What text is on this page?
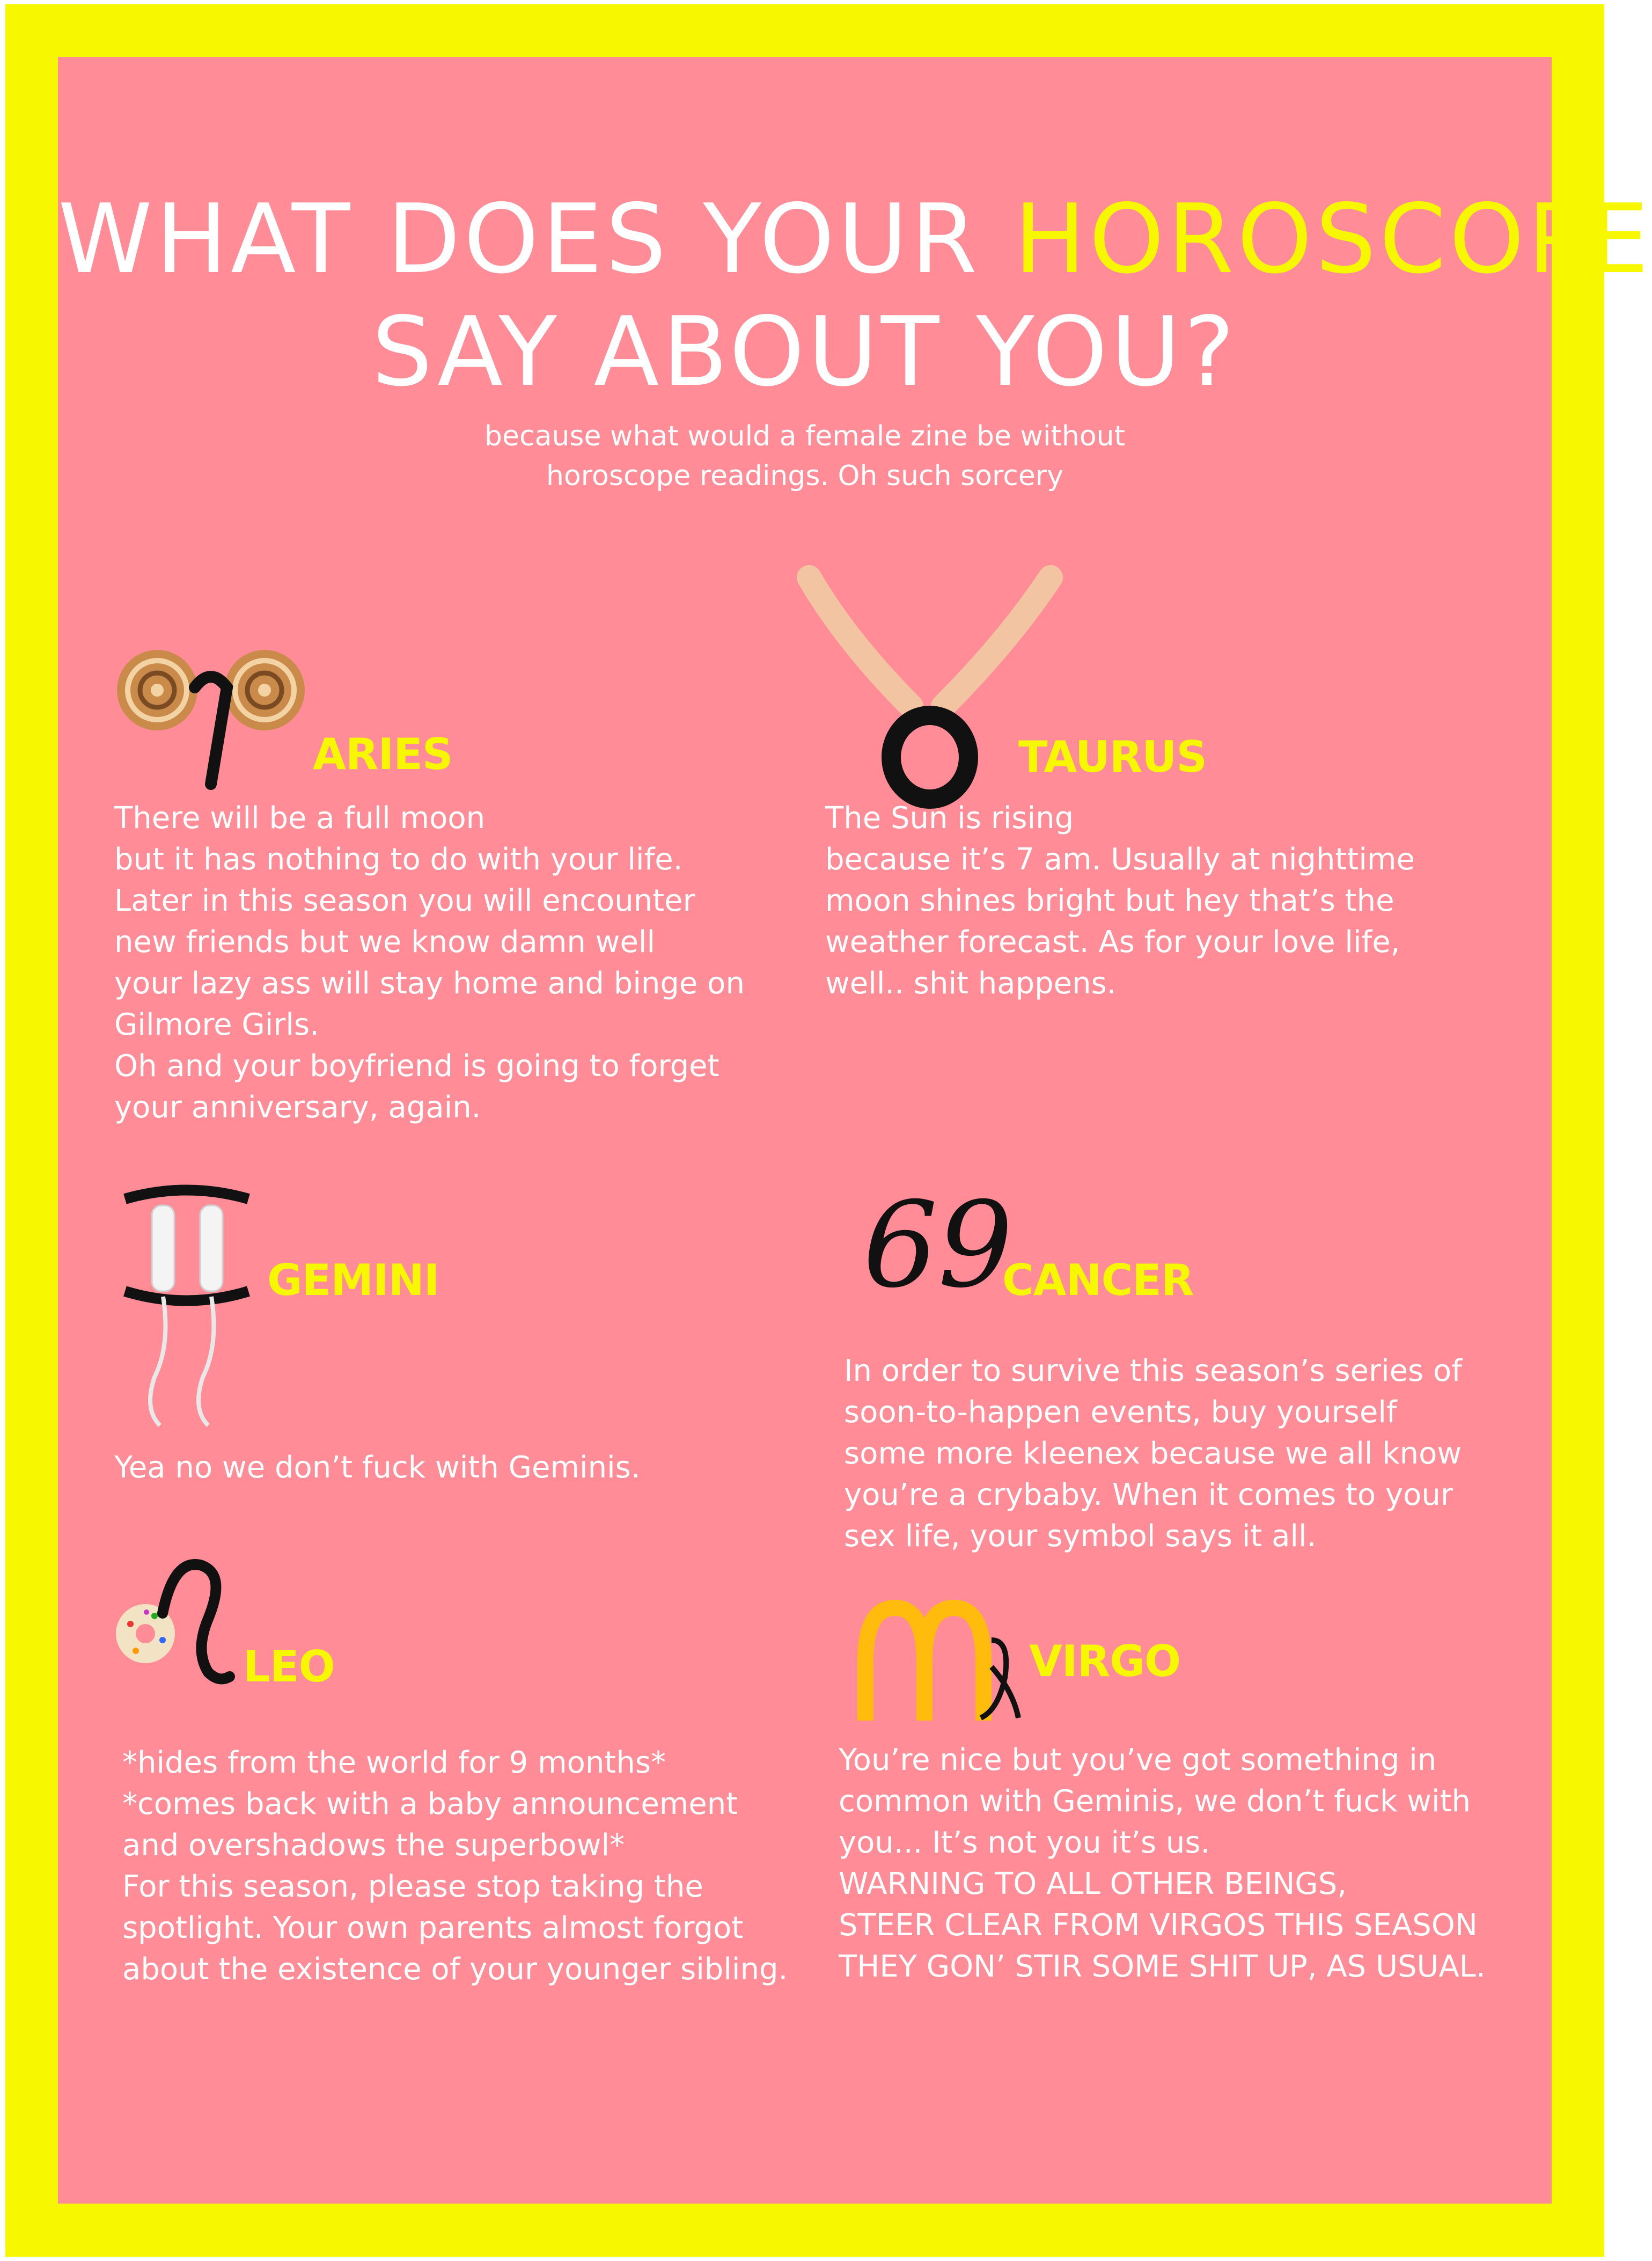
WHAT DOES YOUR HOROSCOPE
SAY ABOUT YOU?
because what would a female zine be without
horoscope readings. Oh such sorcery
ARIES
There will be a full moon
but it has nothing to do with your life.
Later in this season you will encounter
new friends but we know damn well
your lazy ass will stay home and binge on
Gilmore Girls.
Oh and your boyfriend is going to forget
your anniversary, again.
TAURUS
The Sun is rising
because it’s 7 am. Usually at nighttime
moon shines bright but hey that’s the
weather forecast. As for your love life,
well.. shit happens.
GEMINI
Yea no we don’t fuck with Geminis.
69
CANCER
In order to survive this season’s series of
soon-to-happen events, buy yourself
some more kleenex because we all know
you’re a crybaby. When it comes to your
sex life, your symbol says it all.
LEO
*hides from the world for 9 months*
*comes back with a baby announcement
and overshadows the superbowl*
For this season, please stop taking the
spotlight. Your own parents almost forgot
about the existence of your younger sibling.
VIRGO
You’re nice but you’ve got something in
common with Geminis, we don’t fuck with
you... It’s not you it’s us.
WARNING TO ALL OTHER BEINGS,
STEER CLEAR FROM VIRGOS THIS SEASON
THEY GON’ STIR SOME SHIT UP, AS USUAL.
